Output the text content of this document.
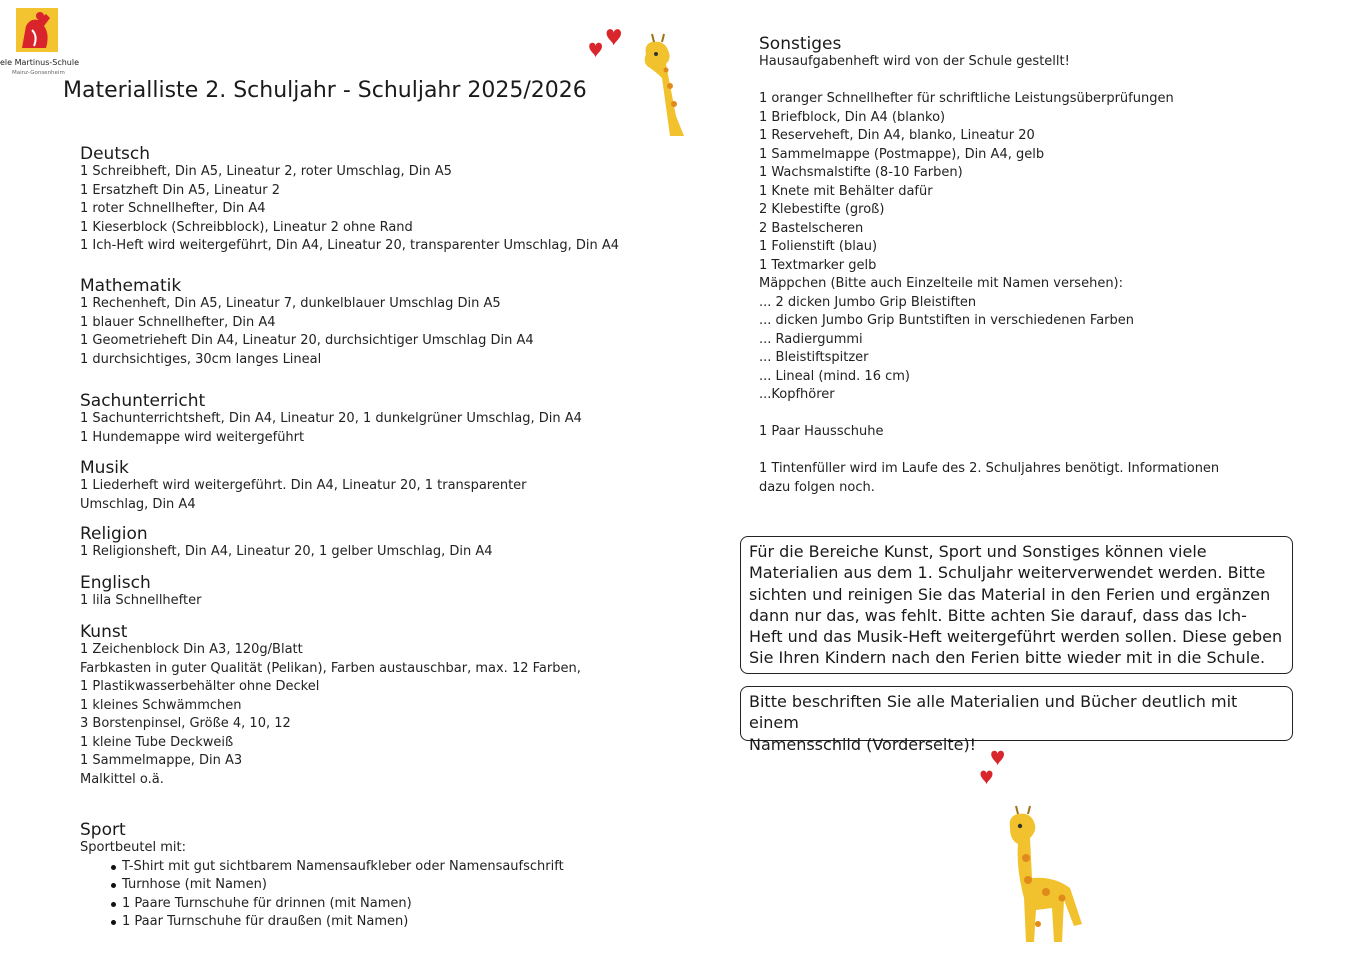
ele Martinus-Schule
Mainz-Gonsenheim
Materialliste 2. Schuljahr - Schuljahr 2025/2026
Deutsch
1 Schreibheft, Din A5, Lineatur 2, roter Umschlag, Din A5
1 Ersatzheft Din A5, Lineatur 2
1 roter Schnellhefter, Din A4
1 Kieserblock (Schreibblock), Lineatur 2 ohne Rand
1 Ich-Heft wird weitergeführt, Din A4, Lineatur 20, transparenter Umschlag, Din A4
Mathematik
1 Rechenheft, Din A5, Lineatur 7, dunkelblauer Umschlag Din A5
1 blauer Schnellhefter, Din A4
1 Geometrieheft Din A4, Lineatur 20, durchsichtiger Umschlag Din A4
1 durchsichtiges, 30cm langes Lineal
Sachunterricht
1 Sachunterrichtsheft, Din A4, Lineatur 20, 1 dunkelgrüner Umschlag, Din A4
1 Hundemappe wird weitergeführt
Musik
1 Liederheft wird weitergeführt. Din A4, Lineatur 20, 1 transparenter
Umschlag, Din A4
Religion
1 Religionsheft, Din A4, Lineatur 20, 1 gelber Umschlag, Din A4
Englisch
1 lila Schnellhefter
Kunst
1 Zeichenblock Din A3, 120g/Blatt
Farbkasten in guter Qualität (Pelikan), Farben austauschbar, max. 12 Farben,
1 Plastikwasserbehälter ohne Deckel
1 kleines Schwämmchen
3 Borstenpinsel, Größe 4, 10, 12
1 kleine Tube Deckweiß
1 Sammelmappe, Din A3
Malkittel o.ä.
Sport
Sportbeutel mit:
T-Shirt mit gut sichtbarem Namensaufkleber oder Namensaufschrift
Turnhose (mit Namen)
1 Paare Turnschuhe für drinnen (mit Namen)
1 Paar Turnschuhe für draußen (mit Namen)
Sonstiges
Hausaufgabenheft wird von der Schule gestellt!
1 oranger Schnellhefter für schriftliche Leistungsüberprüfungen
1 Briefblock, Din A4 (blanko)
1 Reserveheft, Din A4, blanko, Lineatur 20
1 Sammelmappe (Postmappe), Din A4, gelb
1 Wachsmalstifte (8-10 Farben)
1 Knete mit Behälter dafür
2 Klebestifte (groß)
2 Bastelscheren
1 Folienstift (blau)
1 Textmarker gelb
Mäppchen (Bitte auch Einzelteile mit Namen versehen):
... 2 dicken Jumbo Grip Bleistiften
... dicken Jumbo Grip Buntstiften in verschiedenen Farben
... Radiergummi
... Bleistiftspitzer
... Lineal (mind. 16 cm)
...Kopfhörer
1 Paar Hausschuhe
1 Tintenfüller wird im Laufe des 2. Schuljahres benötigt. Informationen
dazu folgen noch.
Für die Bereiche Kunst, Sport und Sonstiges können viele
Materialien aus dem 1. Schuljahr weiterverwendet werden. Bitte
sichten und reinigen Sie das Material in den Ferien und ergänzen
dann nur das, was fehlt. Bitte achten Sie darauf, dass das Ich-
Heft und das Musik-Heft weitergeführt werden sollen. Diese geben
Sie Ihren Kindern nach den Ferien bitte wieder mit in die Schule.
Bitte beschriften Sie alle Materialien und Bücher deutlich mit einem
Namensschild (Vorderseite)!
